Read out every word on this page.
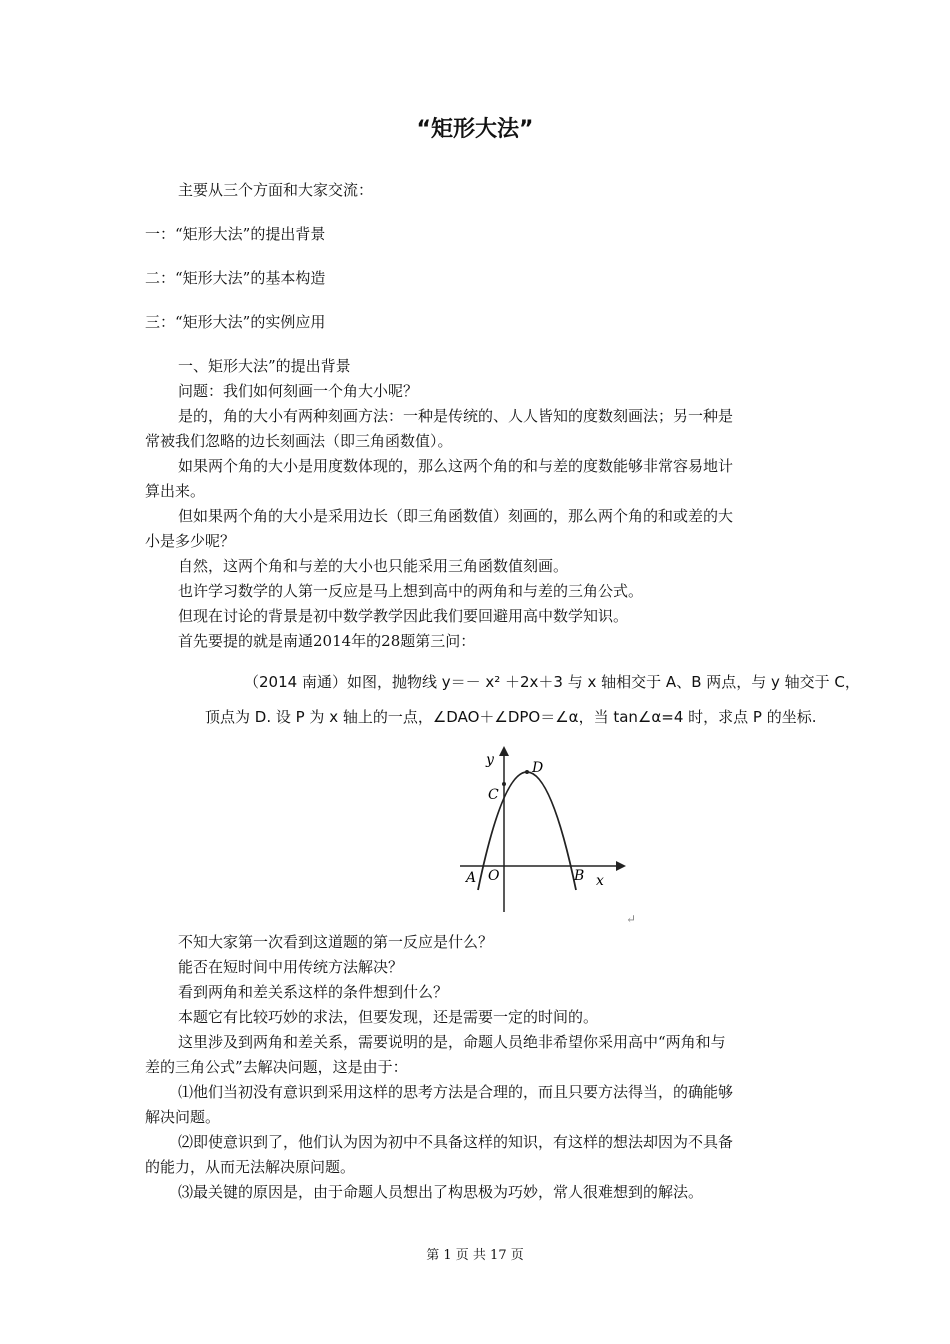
“矩形大法”
主要从三个方面和大家交流：
一：“矩形大法”的提出背景
二：“矩形大法”的基本构造
三：“矩形大法”的实例应用
一、矩形大法”的提出背景
问题：我们如何刻画一个角大小呢？
是的，角的大小有两种刻画方法：一种是传统的、人人皆知的度数刻画法；另一种是
常被我们忽略的边长刻画法（即三角函数值）。
如果两个角的大小是用度数体现的，那么这两个角的和与差的度数能够非常容易地计
算出来。
但如果两个角的大小是采用边长（即三角函数值）刻画的，那么两个角的和或差的大
小是多少呢？
自然，这两个角和与差的大小也只能采用三角函数值刻画。
也许学习数学的人第一反应是马上想到高中的两角和与差的三角公式。
但现在讨论的背景是初中数学教学因此我们要回避用高中数学知识。
首先要提的就是南通2014年的28题第三问：
（2014 南通）如图，抛物线 y＝－ x² ＋2x＋3 与 x 轴相交于 A、B 两点，与 y 轴交于 C，
顶点为 D. 设 P 为 x 轴上的一点，∠DAO＋∠DPO＝∠α，当 tan∠α=4 时，求点 P 的坐标.
y	D
C
A O	B x
↵
不知大家第一次看到这道题的第一反应是什么？
能否在短时间中用传统方法解决？
看到两角和差关系这样的条件想到什么？
本题它有比较巧妙的求法，但要发现，还是需要一定的时间的。
这里涉及到两角和差关系，需要说明的是，命题人员绝非希望你采用高中“两角和与
差的三角公式”去解决问题，这是由于：
⑴他们当初没有意识到采用这样的思考方法是合理的，而且只要方法得当，的确能够
解决问题。
⑵即使意识到了，他们认为因为初中不具备这样的知识，有这样的想法却因为不具备
的能力，从而无法解决原问题。
⑶最关键的原因是，由于命题人员想出了构思极为巧妙，常人很难想到的解法。
第 1 页 共 17 页
